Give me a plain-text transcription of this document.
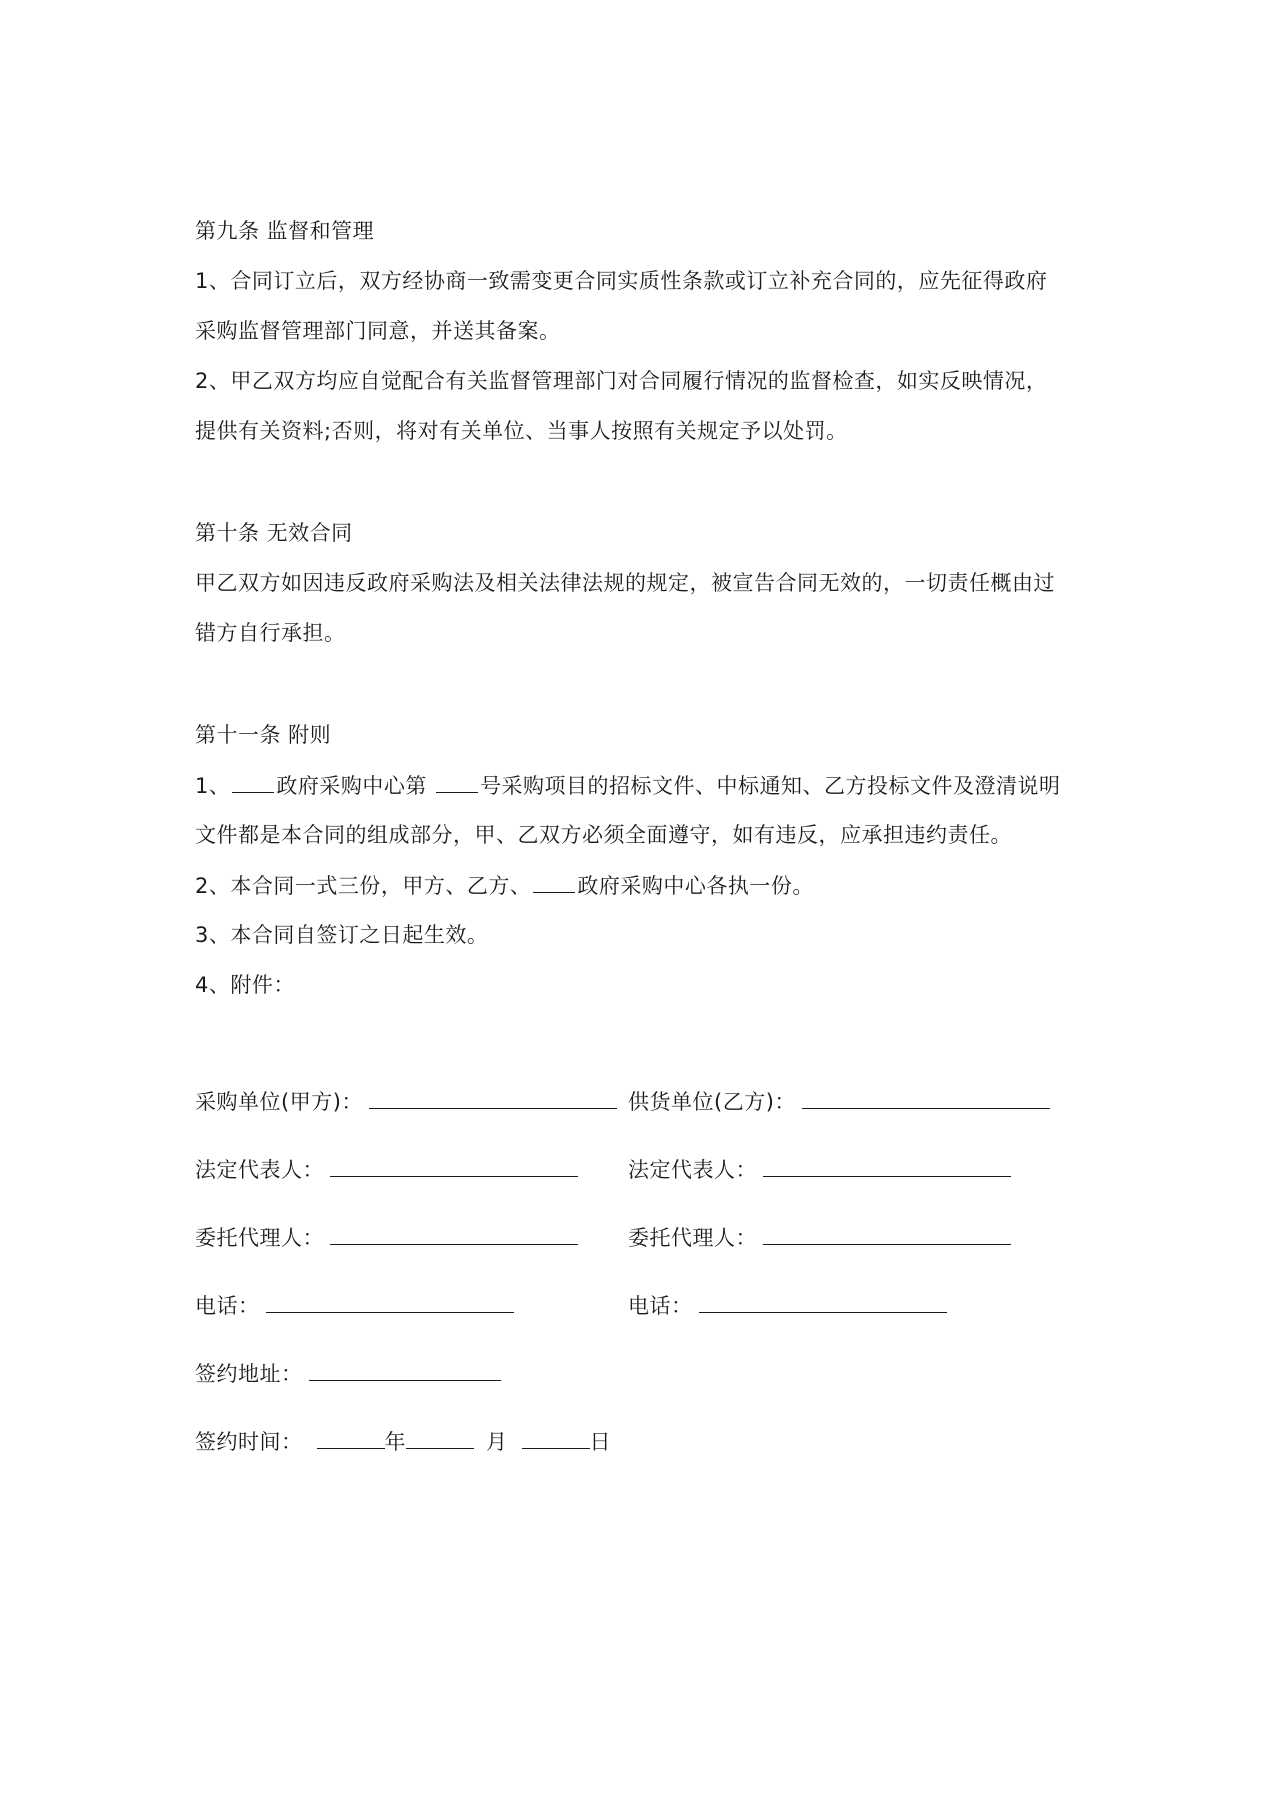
第九条 监督和管理
1、合同订立后，双方经协商一致需变更合同实质性条款或订立补充合同的，应先征得政府
采购监督管理部门同意，并送其备案。
2、甲乙双方均应自觉配合有关监督管理部门对合同履行情况的监督检查，如实反映情况，
提供有关资料;否则，将对有关单位、当事人按照有关规定予以处罚。
第十条 无效合同
甲乙双方如因违反政府采购法及相关法律法规的规定，被宣告合同无效的，一切责任概由过
错方自行承担。
第十一条 附则
1、 政府采购中心第 号采购项目的招标文件、中标通知、乙方投标文件及澄清说明
文件都是本合同的组成部分，甲、乙双方必须全面遵守，如有违反，应承担违约责任。
2、本合同一式三份，甲方、乙方、 政府采购中心各执一份。
3、本合同自签订之日起生效。
4、附件：
采购单位(甲方)：	供货单位(乙方)：
法定代表人：	法定代表人：
委托代理人：	委托代理人：
电话：	电话：
签约地址：
签约时间：	年	月	日
